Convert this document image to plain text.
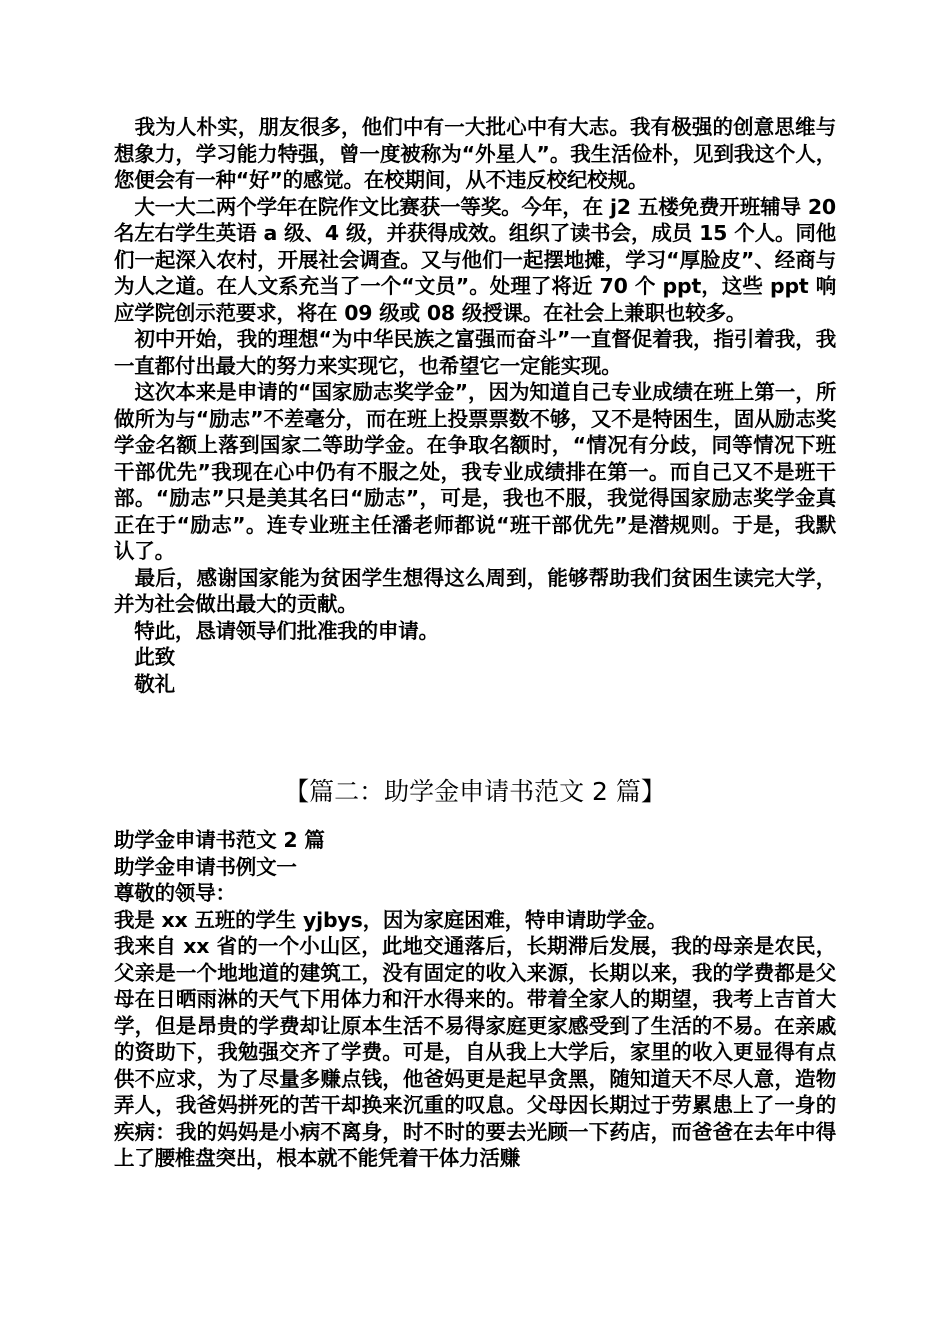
　我为人朴实，朋友很多，他们中有一大批心中有大志。我有极强的创意思维与想象力，学习能力特强，曾一度被称为“外星人”。我生活俭朴，见到我这个人，您便会有一种“好”的感觉。在校期间，从不违反校纪校规。

　大一大二两个学年在院作文比赛获一等奖。今年，在 j2 五楼免费开班辅导 20 名左右学生英语 a 级、4 级，并获得成效。组织了读书会，成员 15 个人。同他们一起深入农村，开展社会调查。又与他们一起摆地摊，学习“厚脸皮”、经商与为人之道。在人文系充当了一个“文员”。处理了将近 70 个 ppt，这些 ppt 响应学院创示范要求，将在 09 级或 08 级授课。在社会上兼职也较多。

　初中开始，我的理想“为中华民族之富强而奋斗”一直督促着我，指引着我，我一直都付出最大的努力来实现它，也希望它一定能实现。

　这次本来是申请的“国家励志奖学金”，因为知道自己专业成绩在班上第一，所做所为与“励志”不差毫分，而在班上投票票数不够，又不是特困生，固从励志奖学金名额上落到国家二等助学金。在争取名额时，“情况有分歧，同等情况下班干部优先”我现在心中仍有不服之处，我专业成绩排在第一。而自己又不是班干部。“励志”只是美其名曰“励志”，可是，我也不服，我觉得国家励志奖学金真正在于“励志”。连专业班主任潘老师都说“班干部优先”是潜规则。于是，我默认了。

　最后，感谢国家能为贫困学生想得这么周到，能够帮助我们贫困生读完大学，并为社会做出最大的贡献。

　特此，恳请领导们批准我的申请。

　此致

　敬礼

【篇二：助学金申请书范文 2 篇】

助学金申请书范文 2 篇

助学金申请书例文一

尊敬的领导：

我是 xx 五班的学生 yjbys，因为家庭困难，特申请助学金。

我来自 xx 省的一个小山区，此地交通落后，长期滞后发展，我的母亲是农民，父亲是一个地地道的建筑工，没有固定的收入来源，长期以来，我的学费都是父母在日晒雨淋的天气下用体力和汗水得来的。带着全家人的期望，我考上吉首大学，但是昂贵的学费却让原本生活不易得家庭更家感受到了生活的不易。在亲戚的资助下，我勉强交齐了学费。可是，自从我上大学后，家里的收入更显得有点供不应求，为了尽量多赚点钱，他爸妈更是起早贪黑，随知道天不尽人意，造物弄人，我爸妈拼死的苦干却换来沉重的叹息。父母因长期过于劳累患上了一身的疾病：我的妈妈是小病不离身，时不时的要去光顾一下药店，而爸爸在去年中得上了腰椎盘突出，根本就不能凭着干体力活赚
